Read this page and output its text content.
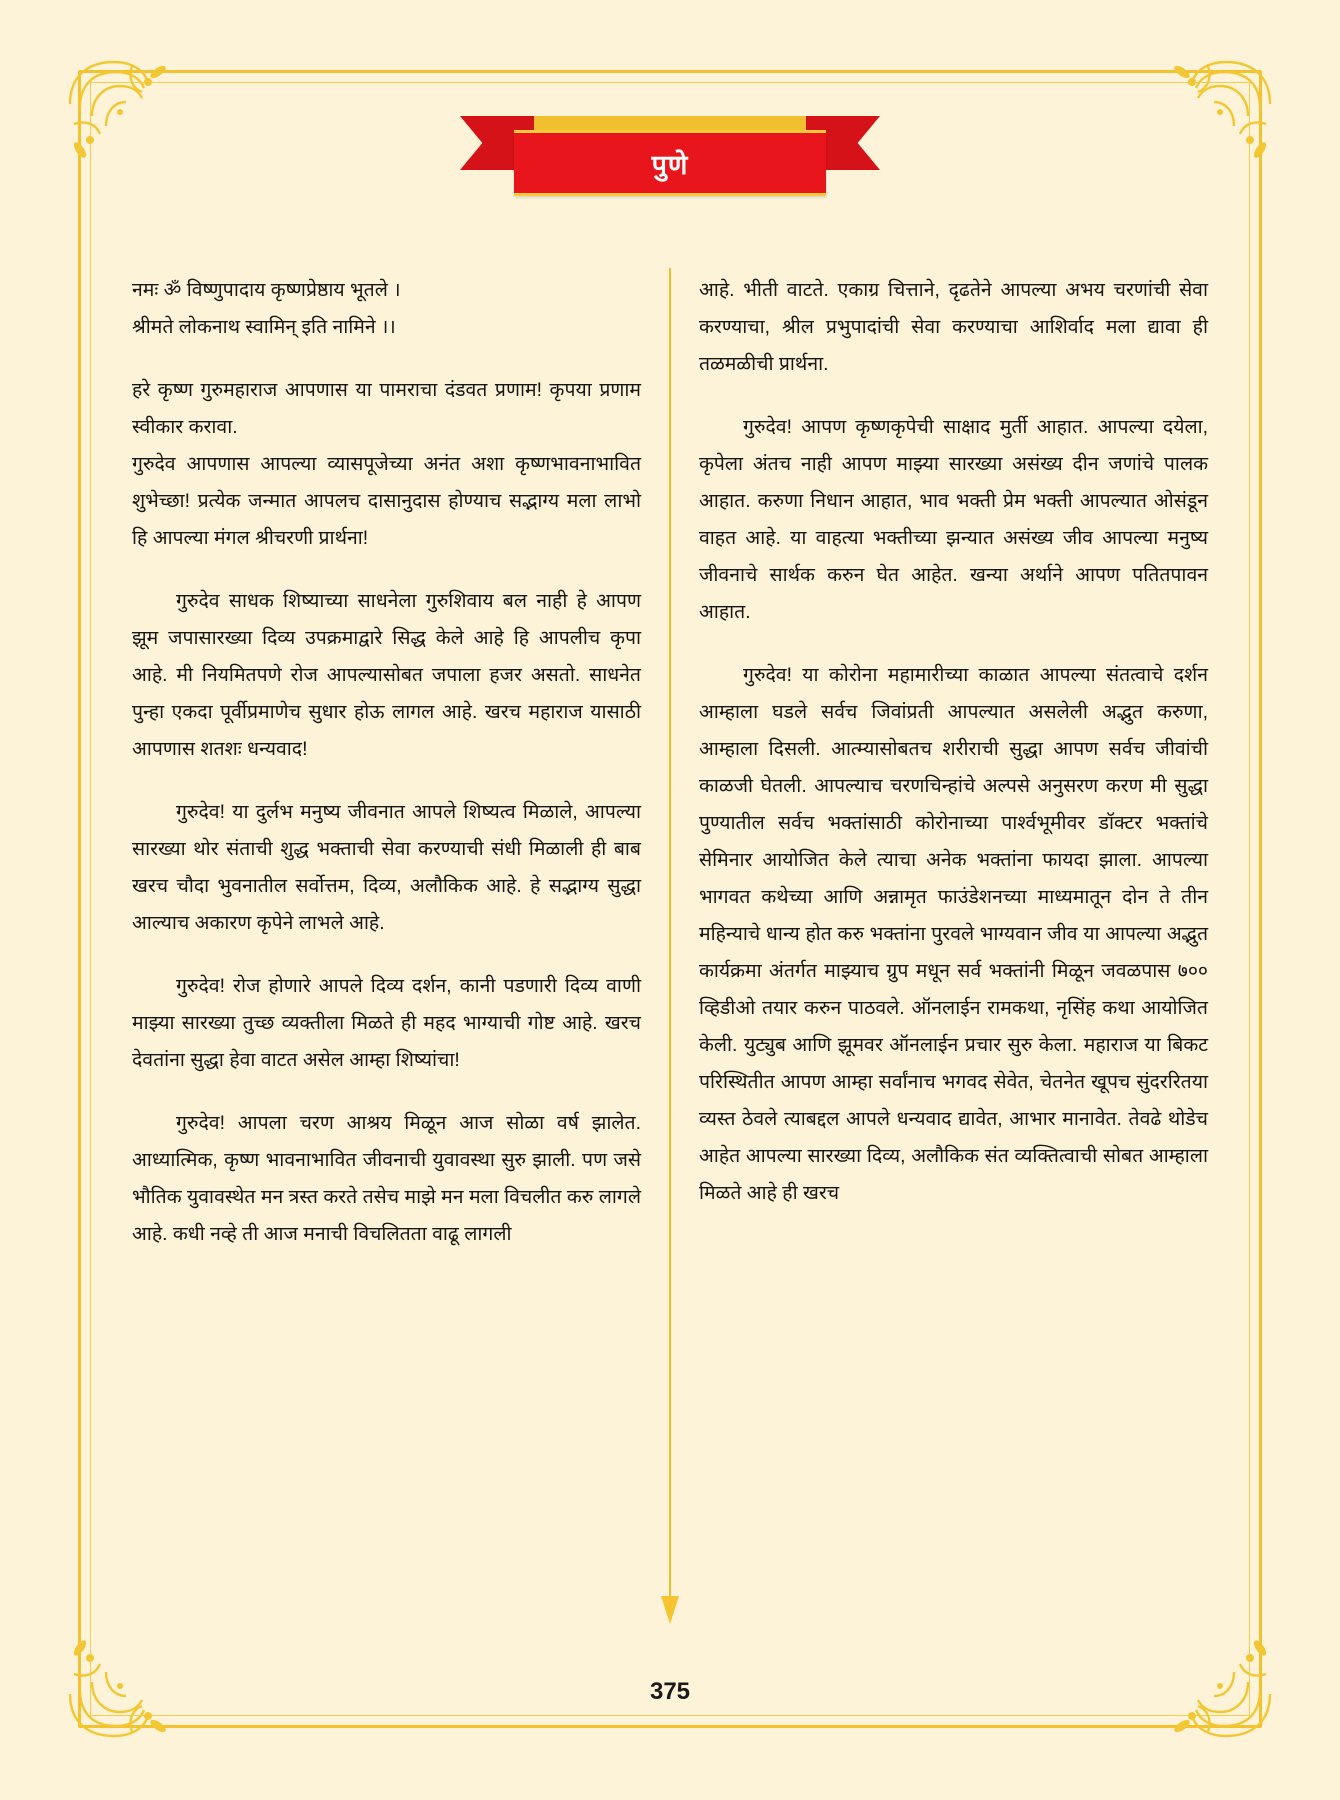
पुणे

नमः ॐ विष्णुपादाय कृष्णप्रेष्ठाय भूतले ।

श्रीमते लोकनाथ स्वामिन् इति नामिने ।।

हरे कृष्ण गुरुमहाराज आपणास या पामराचा दंडवत प्रणाम! कृपया प्रणाम स्वीकार करावा.

गुरुदेव आपणास आपल्या व्यासपूजेच्या अनंत अशा कृष्णभावनाभावित शुभेच्छा! प्रत्येक जन्मात आपलच दासानुदास होण्याच सद्भाग्य मला लाभो हि आपल्या मंगल श्रीचरणी प्रार्थना!

गुरुदेव साधक शिष्याच्या साधनेला गुरुशिवाय बल नाही हे आपण झूम जपासारख्या दिव्य उपक्रमाद्वारे सिद्ध केले आहे हि आपलीच कृपा आहे. मी नियमितपणे रोज आपल्यासोबत जपाला हजर असतो. साधनेत पुन्हा एकदा पूर्वीप्रमाणेच सुधार होऊ लागल आहे. खरच महाराज यासाठी आपणास शतशः धन्यवाद!

गुरुदेव! या दुर्लभ मनुष्य जीवनात आपले शिष्यत्व मिळाले, आपल्या सारख्या थोर संताची शुद्ध भक्ताची सेवा करण्याची संधी मिळाली ही बाब खरच चौदा भुवनातील सर्वोत्तम, दिव्य, अलौकिक आहे. हे सद्भाग्य सुद्धा आल्याच अकारण कृपेने लाभले आहे.

गुरुदेव! रोज होणारे आपले दिव्य दर्शन, कानी पडणारी दिव्य वाणी माझ्या सारख्या तुच्छ व्यक्तीला मिळते ही महद भाग्याची गोष्ट आहे. खरच देवतांना सुद्धा हेवा वाटत असेल आम्हा शिष्यांचा!

गुरुदेव! आपला चरण आश्रय मिळून आज सोळा वर्ष झालेत. आध्यात्मिक, कृष्ण भावनाभावित जीवनाची युवावस्था सुरु झाली. पण जसे भौतिक युवावस्थेत मन त्रस्त करते तसेच माझे मन मला विचलीत करु लागले आहे. कधी नव्हे ती आज मनाची विचलितता वाढू लागली

आहे. भीती वाटते. एकाग्र चित्ताने, दृढतेने आपल्या अभय चरणांची सेवा करण्याचा, श्रील प्रभुपादांची सेवा करण्याचा आशिर्वाद मला द्यावा ही तळमळीची प्रार्थना.

गुरुदेव! आपण कृष्णकृपेची साक्षाद मुर्ती आहात. आपल्या दयेला, कृपेला अंतच नाही आपण माझ्या सारख्या असंख्य दीन जणांचे पालक आहात. करुणा निधान आहात, भाव भक्ती प्रेम भक्ती आपल्यात ओसंडून वाहत आहे. या वाहत्या भक्तीच्या झन्यात असंख्य जीव आपल्या मनुष्य जीवनाचे सार्थक करुन घेत आहेत. खन्या अर्थाने आपण पतितपावन आहात.

गुरुदेव! या कोरोना महामारीच्या काळात आपल्या संतत्वाचे दर्शन आम्हाला घडले सर्वच जिवांप्रती आपल्यात असलेली अद्भुत करुणा, आम्हाला दिसली. आत्म्यासोबतच शरीराची सुद्धा आपण सर्वच जीवांची काळजी घेतली. आपल्याच चरणचिन्हांचे अल्पसे अनुसरण करण मी सुद्धा पुण्यातील सर्वच भक्तांसाठी कोरोनाच्या पार्श्वभूमीवर डॉक्टर भक्तांचे सेमिनार आयोजित केले त्याचा अनेक भक्तांना फायदा झाला. आपल्या भागवत कथेच्या आणि अन्नामृत फाउंडेशनच्या माध्यमातून दोन ते तीन महिन्याचे धान्य होत करु भक्तांना पुरवले भाग्यवान जीव या आपल्या अद्भुत कार्यक्रमा अंतर्गत माझ्याच ग्रुप मधून सर्व भक्तांनी मिळून जवळपास ७०० व्हिडीओ तयार करुन पाठवले. ऑनलाईन रामकथा, नृसिंह कथा आयोजित केली. युट्युब आणि झूमवर ऑनलाईन प्रचार सुरु केला. महाराज या बिकट परिस्थितीत आपण आम्हा सर्वांनाच भगवद सेवेत, चेतनेत खूपच सुंदररितया व्यस्त ठेवले त्याबद्दल आपले धन्यवाद द्यावेत, आभार मानावेत. तेवढे थोडेच आहेत आपल्या सारख्या दिव्य, अलौकिक संत व्यक्तित्वाची सोबत आम्हाला मिळते आहे ही खरच

375
